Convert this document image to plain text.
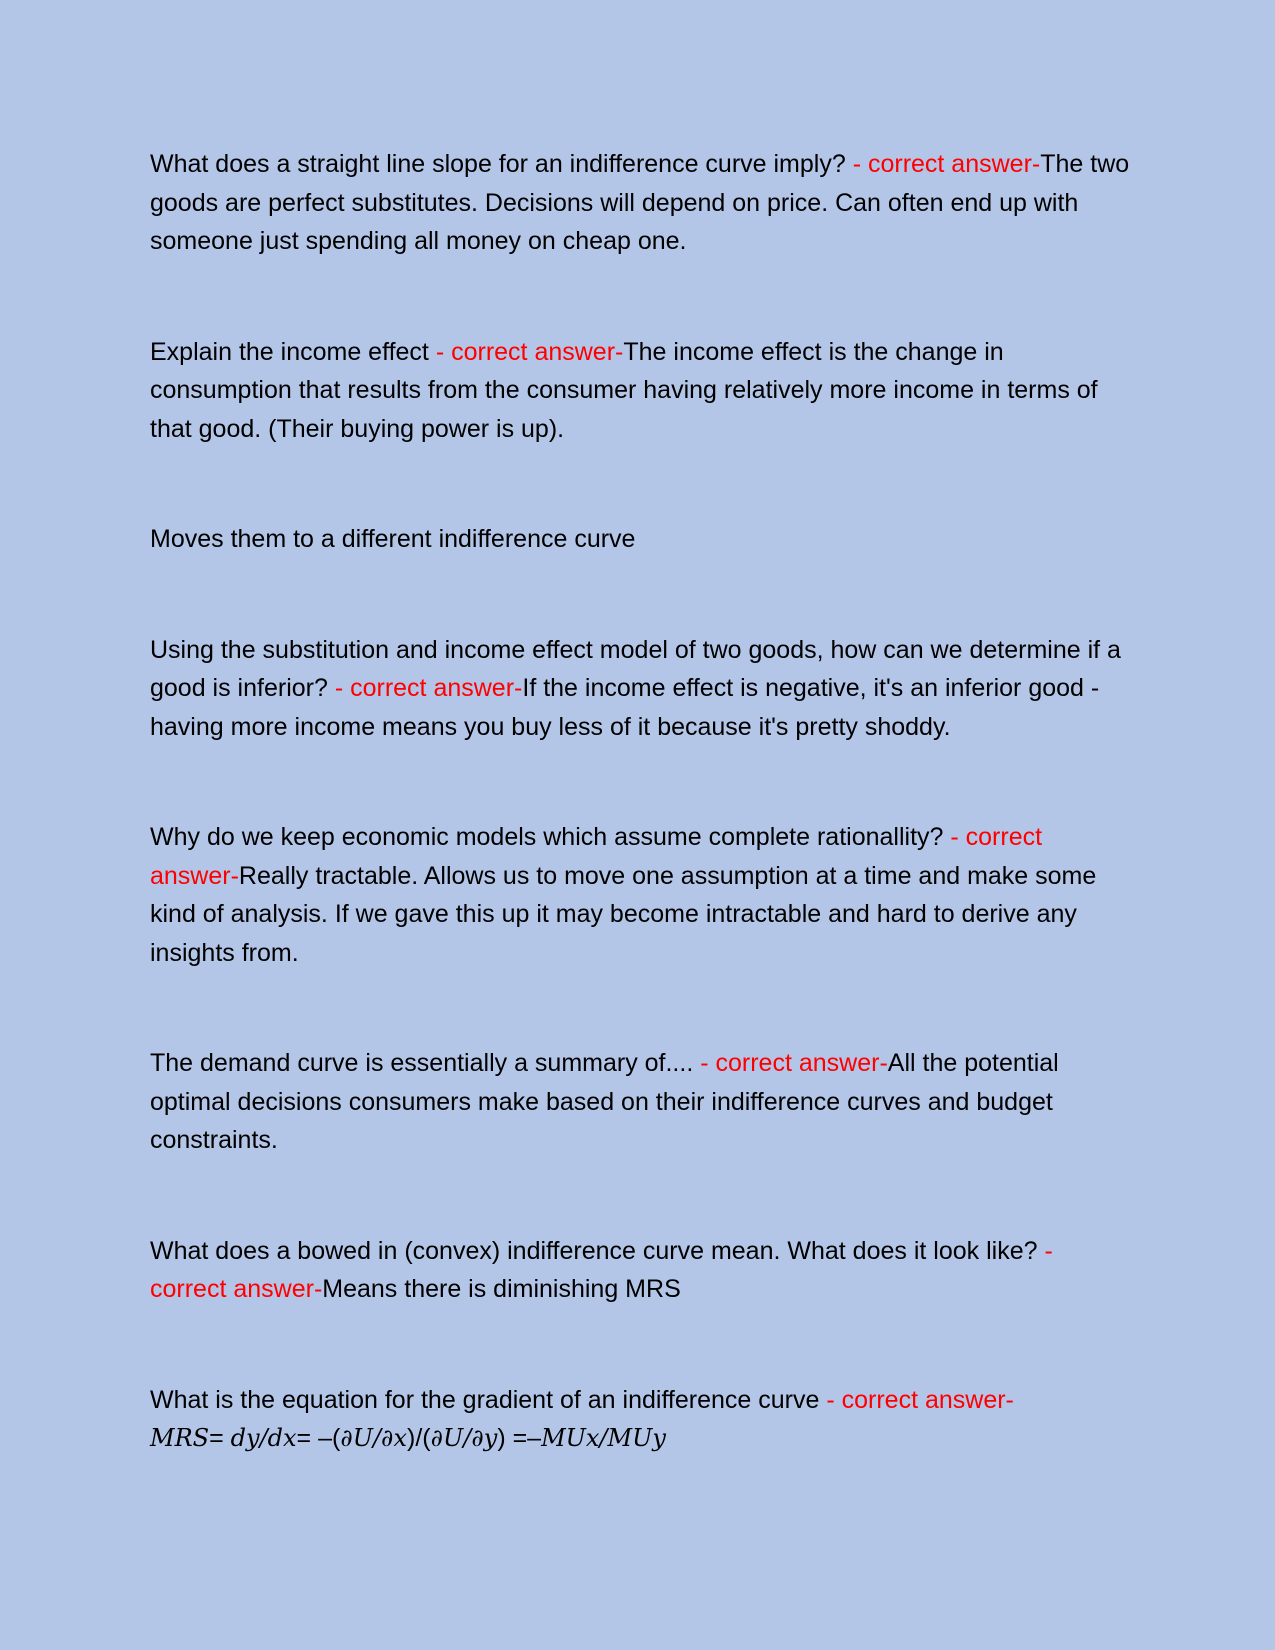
What does a straight line slope for an indifference curve imply? - correct answer-The two goods are perfect substitutes. Decisions will depend on price. Can often end up with someone just spending all money on cheap one.

Explain the income effect - correct answer-The income effect is the change in consumption that results from the consumer having relatively more income in terms of that good. (Their buying power is up).

Moves them to a different indifference curve

Using the substitution and income effect model of two goods, how can we determine if a good is inferior? - correct answer-If the income effect is negative, it's an inferior good - having more income means you buy less of it because it's pretty shoddy.

Why do we keep economic models which assume complete rationallity? - correct answer-Really tractable. Allows us to move one assumption at a time and make some kind of analysis. If we gave this up it may become intractable and hard to derive any insights from.

The demand curve is essentially a summary of.... - correct answer-All the potential optimal decisions consumers make based on their indifference curves and budget constraints.

What does a bowed in (convex) indifference curve mean. What does it look like? - correct answer-Means there is diminishing MRS

What is the equation for the gradient of an indifference curve - correct answer-
MRS= dy/dx= –(∂U/∂x)/(∂U/∂y) =–MUx/MUy
